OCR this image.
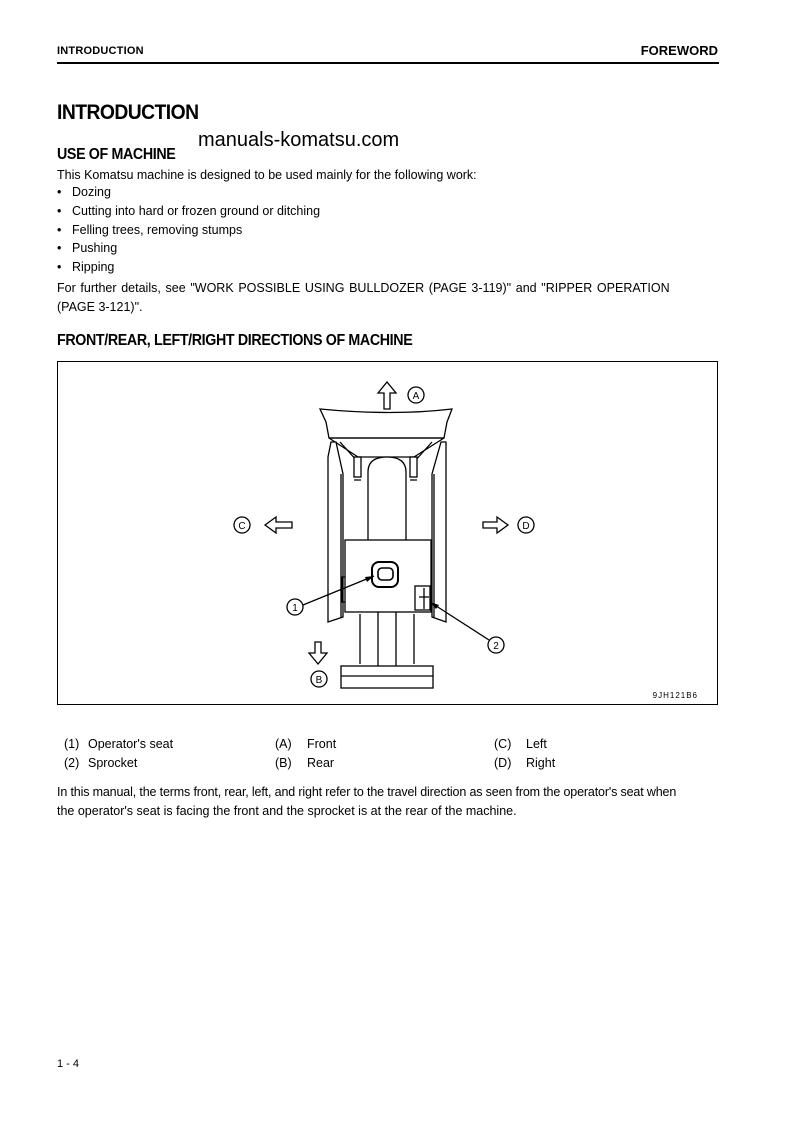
INTRODUCTION	FOREWORD
INTRODUCTION
manuals-komatsu.com
USE OF MACHINE
This Komatsu machine is designed to be used mainly for the following work:
• Dozing
• Cutting into hard or frozen ground or ditching
• Felling trees, removing stumps
• Pushing
• Ripping
For further details, see "WORK POSSIBLE USING BULLDOZER (PAGE 3-119)" and "RIPPER OPERATION
(PAGE 3-121)".
FRONT/REAR, LEFT/RIGHT DIRECTIONS OF MACHINE
A
C	D
B
1
2
9JH121B6
(1) Operator's seat
(2) Sprocket
(A) Front
(B) Rear
(C) Left
(D) Right
In this manual, the terms front, rear, left, and right refer to the travel direction as seen from the operator's seat when
the operator's seat is facing the front and the sprocket is at the rear of the machine.
1 - 4
